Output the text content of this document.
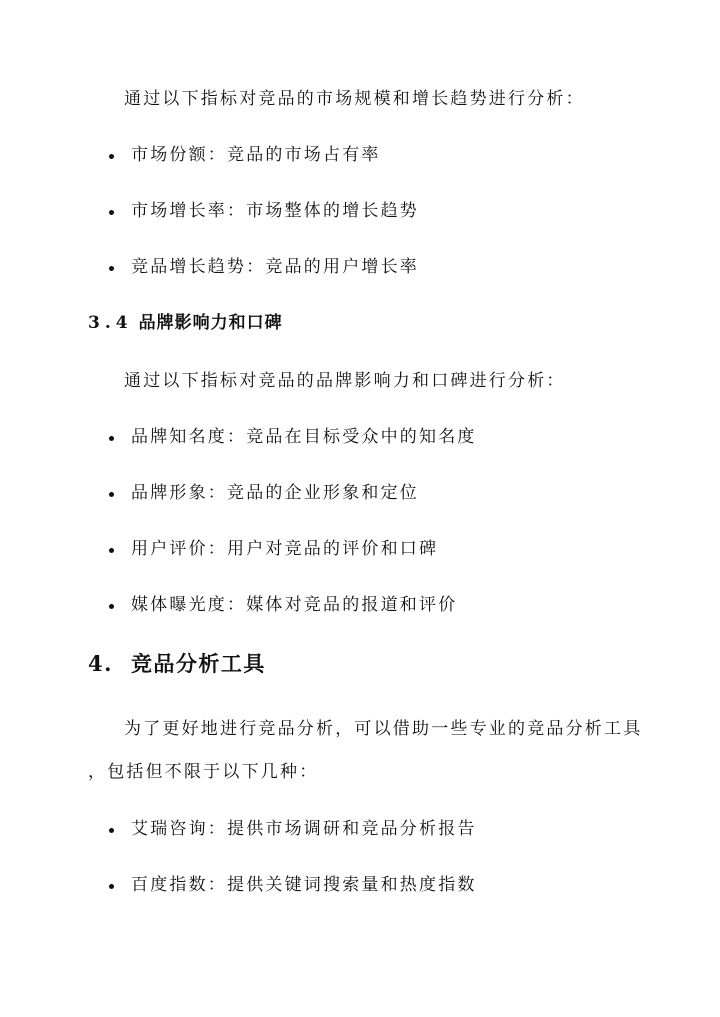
通过以下指标对竞品的市场规模和增长趋势进行分析：
市场份额：竞品的市场占有率
市场增长率：市场整体的增长趋势
竞品增长趋势：竞品的用户增长率
3.4 品牌影响力和口碑
通过以下指标对竞品的品牌影响力和口碑进行分析：
品牌知名度：竞品在目标受众中的知名度
品牌形象：竞品的企业形象和定位
用户评价：用户对竞品的评价和口碑
媒体曝光度：媒体对竞品的报道和评价
4. 竞品分析工具
为了更好地进行竞品分析，可以借助一些专业的竞品分析工具
，包括但不限于以下几种：
艾瑞咨询：提供市场调研和竞品分析报告
百度指数：提供关键词搜索量和热度指数
